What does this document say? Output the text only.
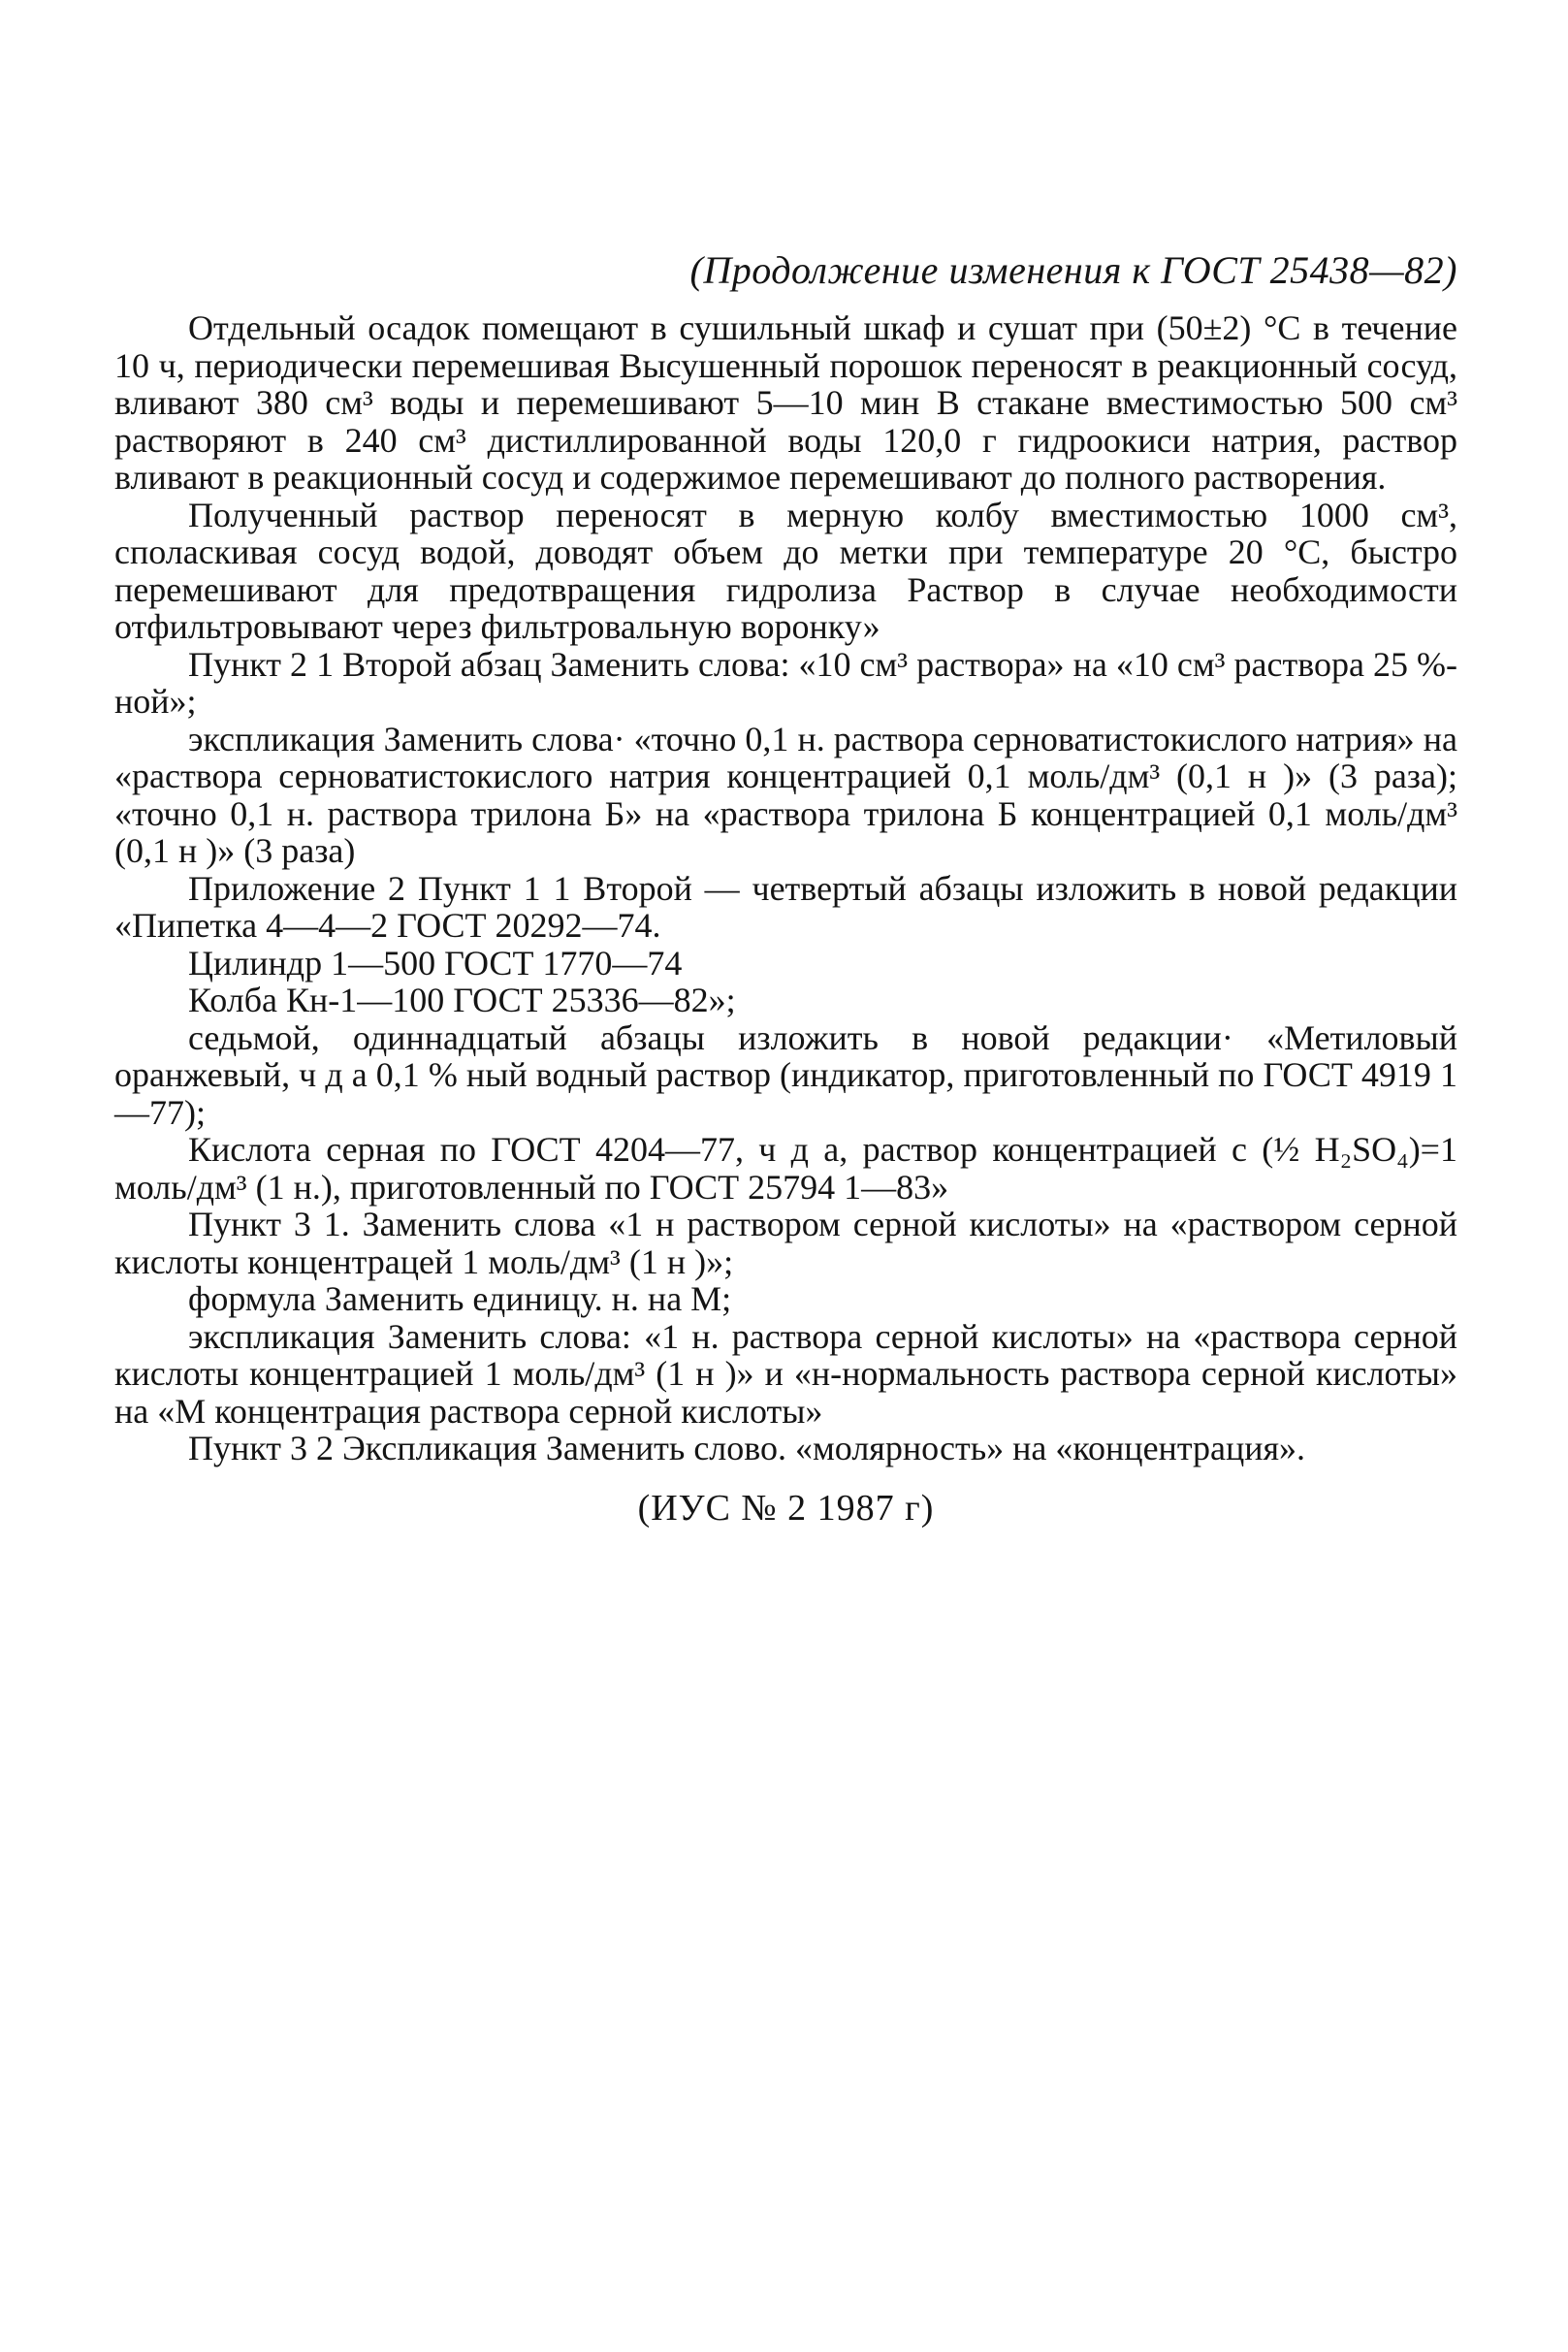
(Продолжение изменения к ГОСТ 25438—82)

Отдельный осадок помещают в сушильный шкаф и сушат при (50±2) °С в течение 10 ч, периодически перемешивая Высушенный порошок переносят в реакционный сосуд, вливают 380 см³ воды и перемешивают 5—10 мин В стакане вместимостью 500 см³ растворяют в 240 см³ дистиллированной воды 120,0 г гидроокиси натрия, раствор вливают в реакционный сосуд и содержимое перемешивают до полного растворения.

Полученный раствор переносят в мерную колбу вместимостью 1000 см³, споласкивая сосуд водой, доводят объем до метки при температуре 20 °С, быстро перемешивают для предотвращения гидролиза Раствор в случае необходимости отфильтровывают через фильтровальную воронку»

Пункт 2 1 Второй абзац Заменить слова: «10 см³ раствора» на «10 см³ раствора 25 %-ной»;

экспликация Заменить слова· «точно 0,1 н. раствора серноватистокислого натрия» на «раствора серноватистокислого натрия концентрацией 0,1 моль/дм³ (0,1 н )» (3 раза); «точно 0,1 н. раствора трилона Б» на «раствора трилона Б концентрацией 0,1 моль/дм³ (0,1 н )» (3 раза)

Приложение 2 Пункт 1 1 Второй — четвертый абзацы изложить в новой редакции «Пипетка 4—4—2 ГОСТ 20292—74.

Цилиндр 1—500 ГОСТ 1770—74

Колба Кн-1—100 ГОСТ 25336—82»;

седьмой, одиннадцатый абзацы изложить в новой редакции· «Метиловый оранжевый, ч д а 0,1 % ный водный раствор (индикатор, приготовленный по ГОСТ 4919 1—77);

Кислота серная по ГОСТ 4204—77, ч д а, раствор концентрацией c (½ H₂SO₄)=1 моль/дм³ (1 н.), приготовленный по ГОСТ 25794 1—83»

Пункт 3 1. Заменить слова «1 н раствором серной кислоты» на «раствором серной кислоты концентрацей 1 моль/дм³ (1 н )»;

формула Заменить единицу. н. на М;

экспликация Заменить слова: «1 н. раствора серной кислоты» на «раствора серной кислоты концентрацией 1 моль/дм³ (1 н )» и «н-нормальность раствора серной кислоты» на «М концентрация раствора серной кислоты»

Пункт 3 2 Экспликация Заменить слово. «молярность» на «концентрация».

(ИУС № 2 1987 г)
